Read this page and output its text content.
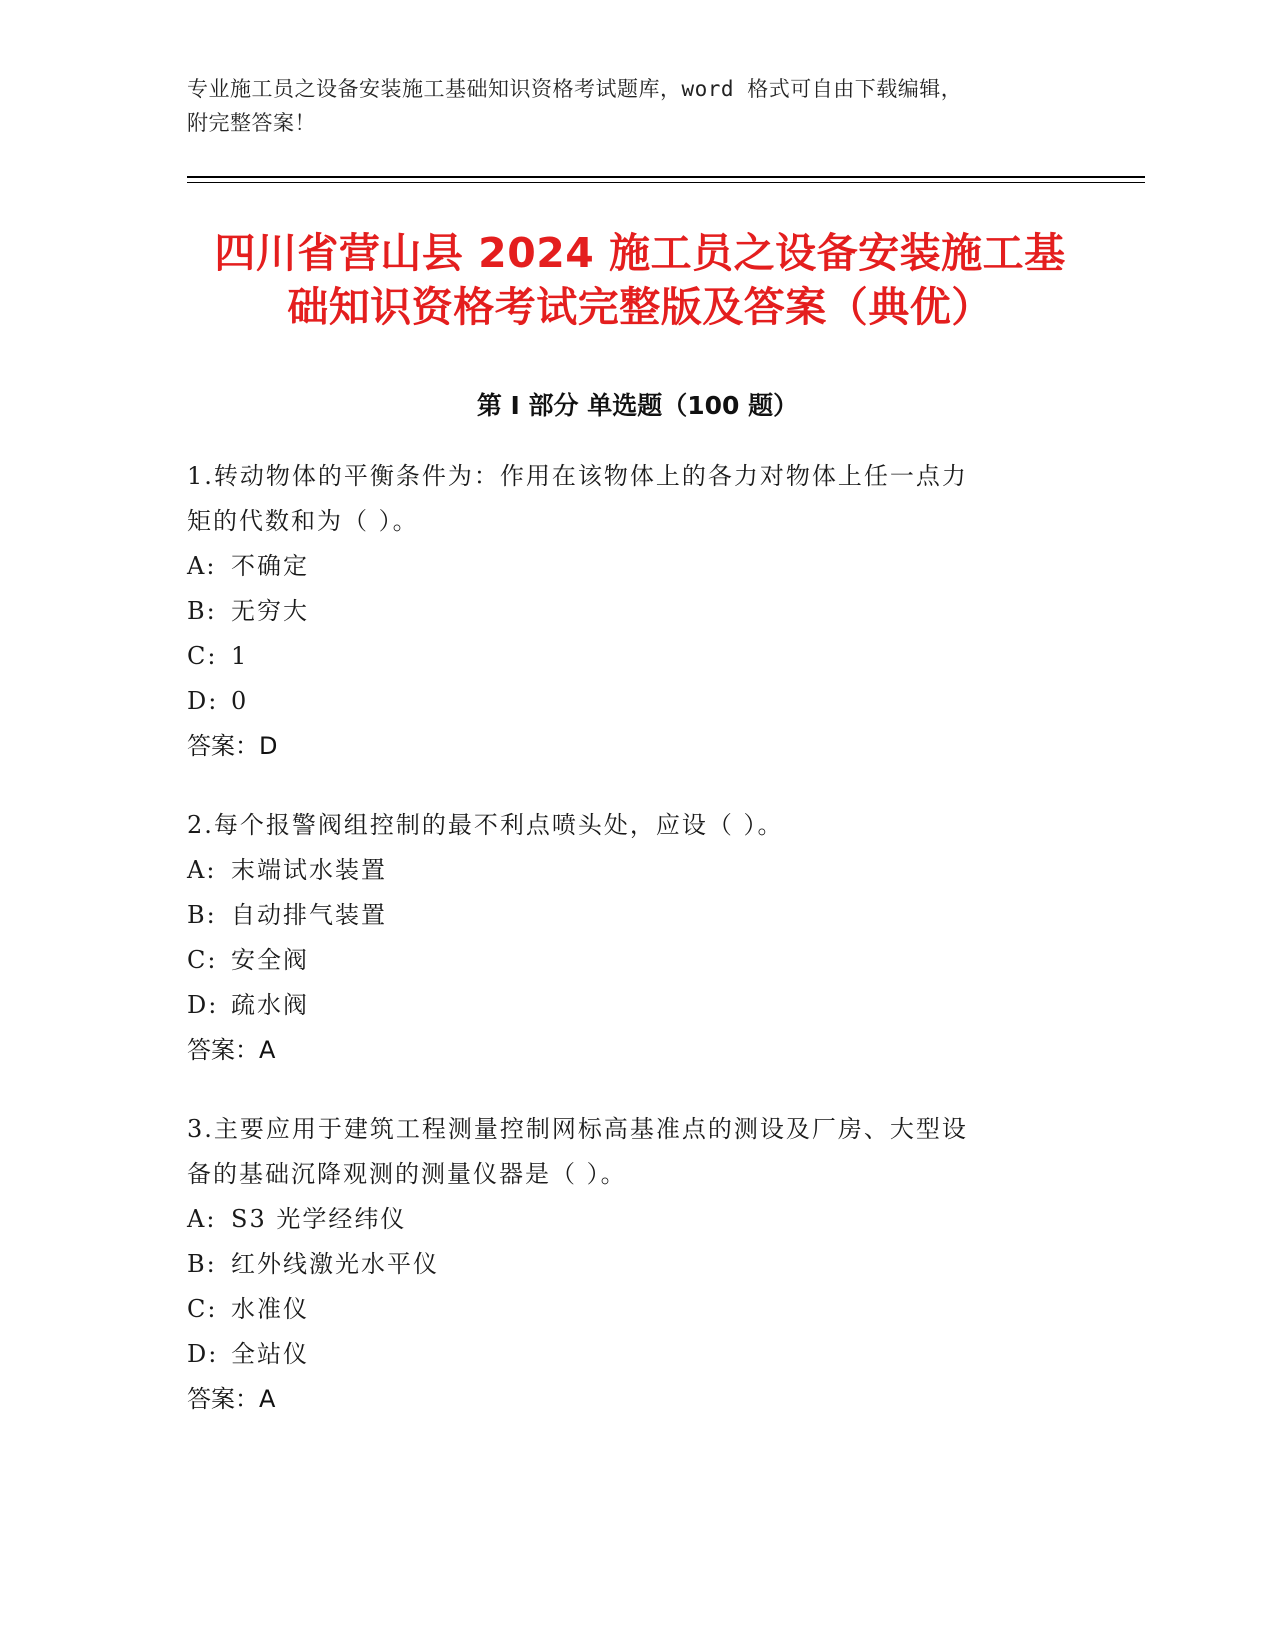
专业施工员之设备安装施工基础知识资格考试题库，word 格式可自由下载编辑，
附完整答案！
四川省营山县 2024 施工员之设备安装施工基
础知识资格考试完整版及答案（典优）
第 I 部分 单选题（100 题）

1.转动物体的平衡条件为：作用在该物体上的各力对物体上任一点力

矩的代数和为（ ）。

A: 不确定

B: 无穷大

C: 1

D: 0

答案：D

2.每个报警阀组控制的最不利点喷头处，应设（ ）。

A: 末端试水装置

B: 自动排气装置

C: 安全阀

D: 疏水阀

答案：A

3.主要应用于建筑工程测量控制网标高基准点的测设及厂房、大型设

备的基础沉降观测的测量仪器是（ ）。

A: S3 光学经纬仪

B: 红外线激光水平仪

C: 水准仪

D: 全站仪

答案：A
